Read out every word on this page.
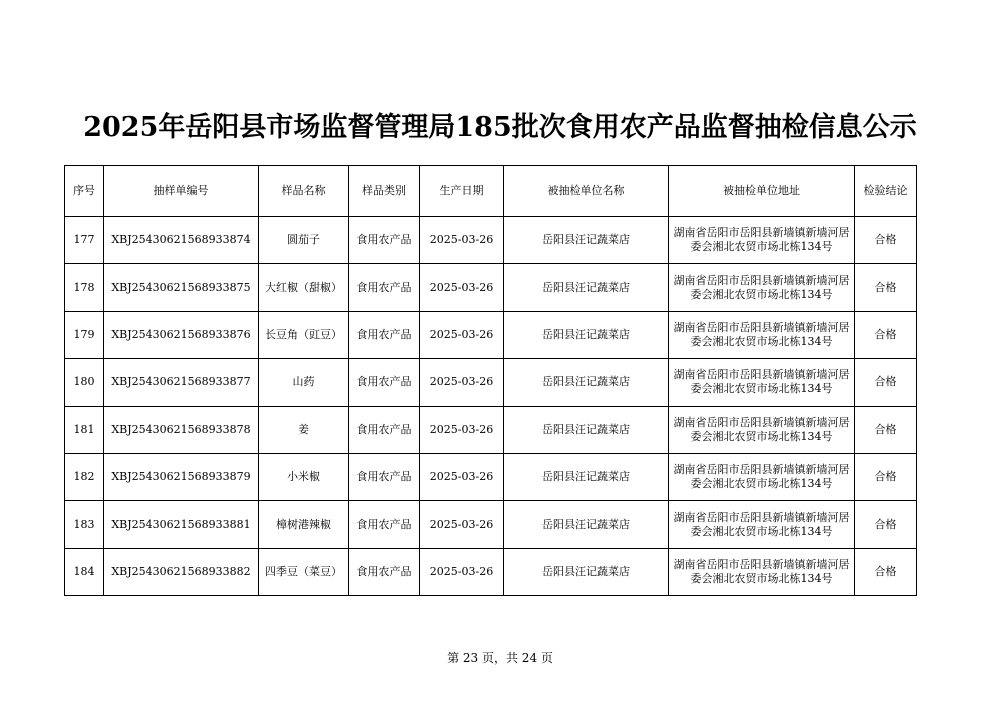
2025年岳阳县市场监督管理局185批次食用农产品监督抽检信息公示
序号	抽样单编号	样品名称	样品类别	生产日期	被抽检单位名称	被抽检单位地址	检验结论
177	XBJ25430621568933874	圆茄子	食用农产品	2025-03-26	岳阳县汪记蔬菜店	湖南省岳阳市岳阳县新墙镇新墙河居委会湘北农贸市场北栋134号	合格
178	XBJ25430621568933875	大红椒（甜椒）	食用农产品	2025-03-26	岳阳县汪记蔬菜店	湖南省岳阳市岳阳县新墙镇新墙河居委会湘北农贸市场北栋134号	合格
179	XBJ25430621568933876	长豆角（豇豆）	食用农产品	2025-03-26	岳阳县汪记蔬菜店	湖南省岳阳市岳阳县新墙镇新墙河居委会湘北农贸市场北栋134号	合格
180	XBJ25430621568933877	山药	食用农产品	2025-03-26	岳阳县汪记蔬菜店	湖南省岳阳市岳阳县新墙镇新墙河居委会湘北农贸市场北栋134号	合格
181	XBJ25430621568933878	姜	食用农产品	2025-03-26	岳阳县汪记蔬菜店	湖南省岳阳市岳阳县新墙镇新墙河居委会湘北农贸市场北栋134号	合格
182	XBJ25430621568933879	小米椒	食用农产品	2025-03-26	岳阳县汪记蔬菜店	湖南省岳阳市岳阳县新墙镇新墙河居委会湘北农贸市场北栋134号	合格
183	XBJ25430621568933881	樟树港辣椒	食用农产品	2025-03-26	岳阳县汪记蔬菜店	湖南省岳阳市岳阳县新墙镇新墙河居委会湘北农贸市场北栋134号	合格
184	XBJ25430621568933882	四季豆（菜豆）	食用农产品	2025-03-26	岳阳县汪记蔬菜店	湖南省岳阳市岳阳县新墙镇新墙河居委会湘北农贸市场北栋134号	合格
第 23 页，共 24 页
